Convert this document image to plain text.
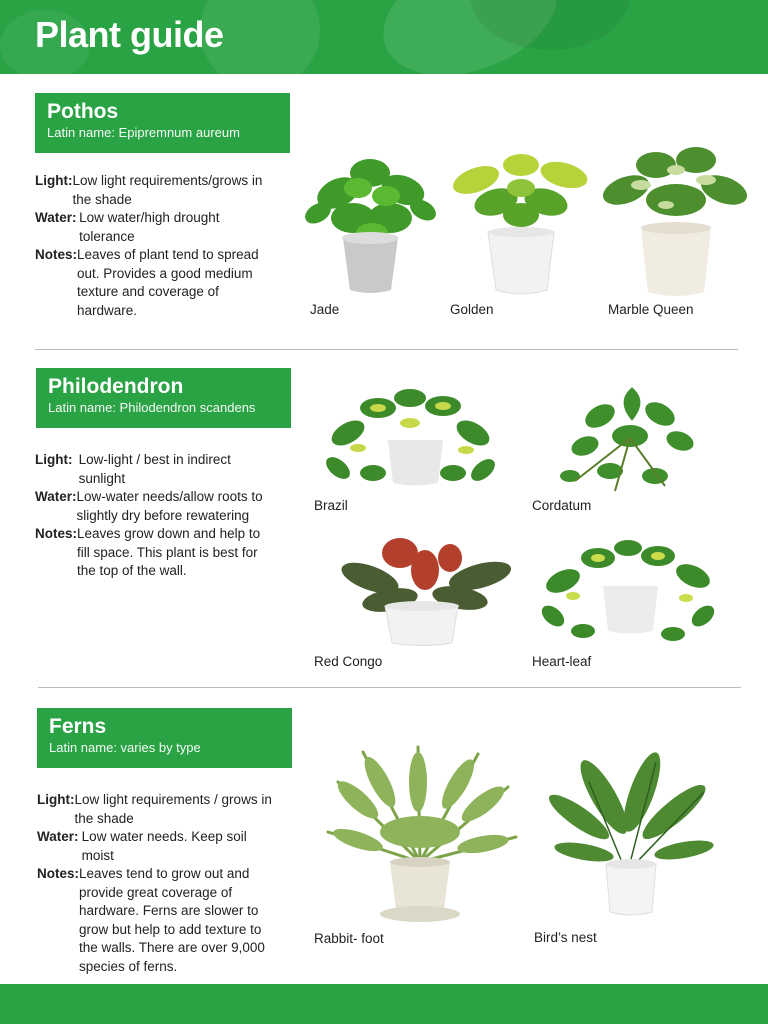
Plant guide
Pothos
Latin name: Epipremnum aureum
Light: Low light requirements/grows in the shade
Water: Low water/high drought tolerance
Notes: Leaves of plant tend to spread out. Provides a good medium texture and coverage of hardware.	Jade	Golden	Marble Queen
Philodendron
Latin name: Philodendron scandens
Light: Low-light / best in indirect sunlight
Water: Low-water needs/allow roots to slightly dry before rewatering
Notes: Leaves grow down and help to fill space. This plant is best for the top of the wall.
Brazil	Cordatum
Red Congo	Heart-leaf
Ferns
Latin name: varies by type
Light: Low light requirements / grows in the shade
Water: Low water needs. Keep soil moist
Notes: Leaves tend to grow out and provide great coverage of hardware. Ferns are slower to grow but help to add texture to the walls. There are over 9,000 species of ferns.
Rabbit- foot	Bird’s nest
